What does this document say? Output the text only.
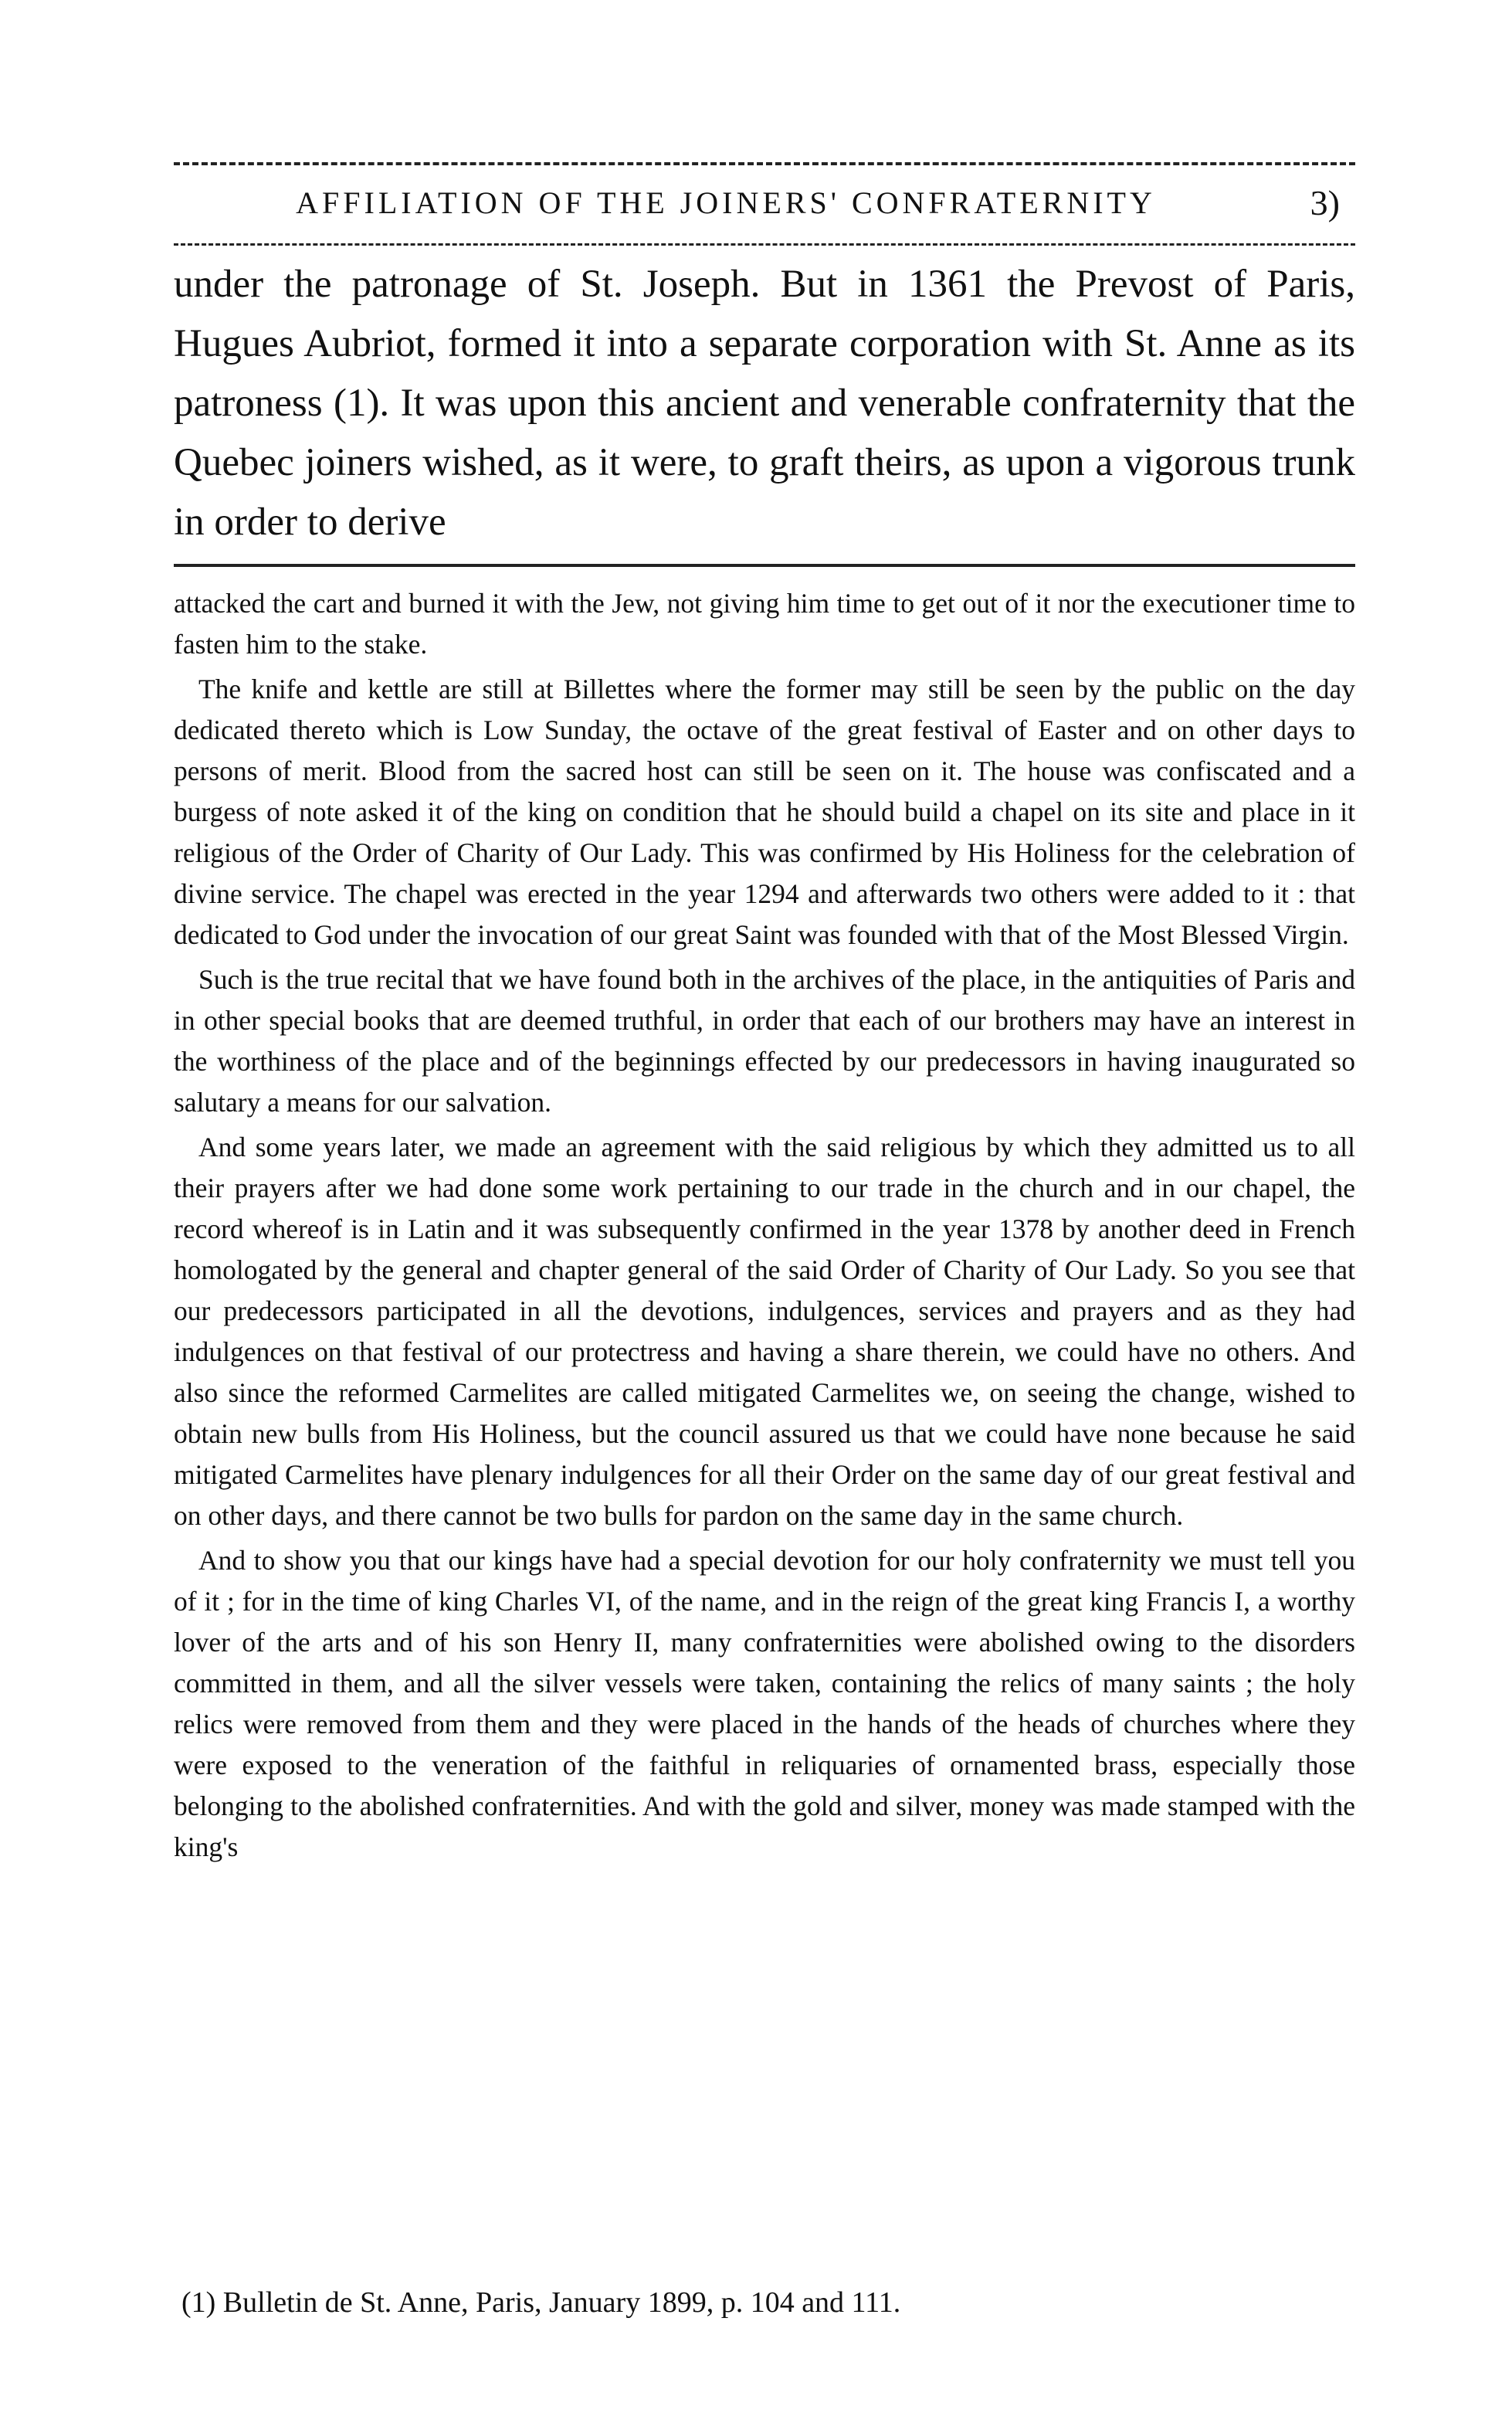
AFFILIATION OF THE JOINERS' CONFRATERNITY	3)

under the patronage of St. Joseph. But in 1361 the Prevost of Paris, Hugues Aubriot, formed it into a separate corporation with St. Anne as its patroness (1). It was upon this ancient and venerable confraternity that the Quebec joiners wished, as it were, to graft theirs, as upon a vigorous trunk in order to derive

attacked the cart and burned it with the Jew, not giving him time to get out of it nor the executioner time to fasten him to the stake.

The knife and kettle are still at Billettes where the former may still be seen by the public on the day dedicated thereto which is Low Sunday, the octave of the great festival of Easter and on other days to persons of merit. Blood from the sacred host can still be seen on it. The house was confiscated and a burgess of note asked it of the king on condition that he should build a chapel on its site and place in it religious of the Order of Charity of Our Lady. This was confirmed by His Holiness for the celebration of divine service. The chapel was erected in the year 1294 and afterwards two others were added to it : that dedicated to God under the invocation of our great Saint was founded with that of the Most Blessed Virgin.

Such is the true recital that we have found both in the archives of the place, in the antiquities of Paris and in other special books that are deemed truthful, in order that each of our brothers may have an interest in the worthiness of the place and of the beginnings effected by our predecessors in having inaugurated so salutary a means for our salvation.

And some years later, we made an agreement with the said religious by which they admitted us to all their prayers after we had done some work pertaining to our trade in the church and in our chapel, the record whereof is in Latin and it was subsequently confirmed in the year 1378 by another deed in French homologated by the general and chapter general of the said Order of Charity of Our Lady. So you see that our predecessors participated in all the devotions, indulgences, services and prayers and as they had indulgences on that festival of our protectress and having a share therein, we could have no others. And also since the reformed Carmelites are called mitigated Carmelites we, on seeing the change, wished to obtain new bulls from His Holiness, but the council assured us that we could have none because he said mitigated Carmelites have plenary indulgences for all their Order on the same day of our great festival and on other days, and there cannot be two bulls for pardon on the same day in the same church.

And to show you that our kings have had a special devotion for our holy confraternity we must tell you of it ; for in the time of king Charles VI, of the name, and in the reign of the great king Francis I, a worthy lover of the arts and of his son Henry II, many confraternities were abolished owing to the disorders committed in them, and all the silver vessels were taken, containing the relics of many saints ; the holy relics were removed from them and they were placed in the hands of the heads of churches where they were exposed to the veneration of the faithful in reliquaries of ornamented brass, especially those belonging to the abolished confraternities. And with the gold and silver, money was made stamped with the king's

(1) Bulletin de St. Anne, Paris, January 1899, p. 104 and 111.
